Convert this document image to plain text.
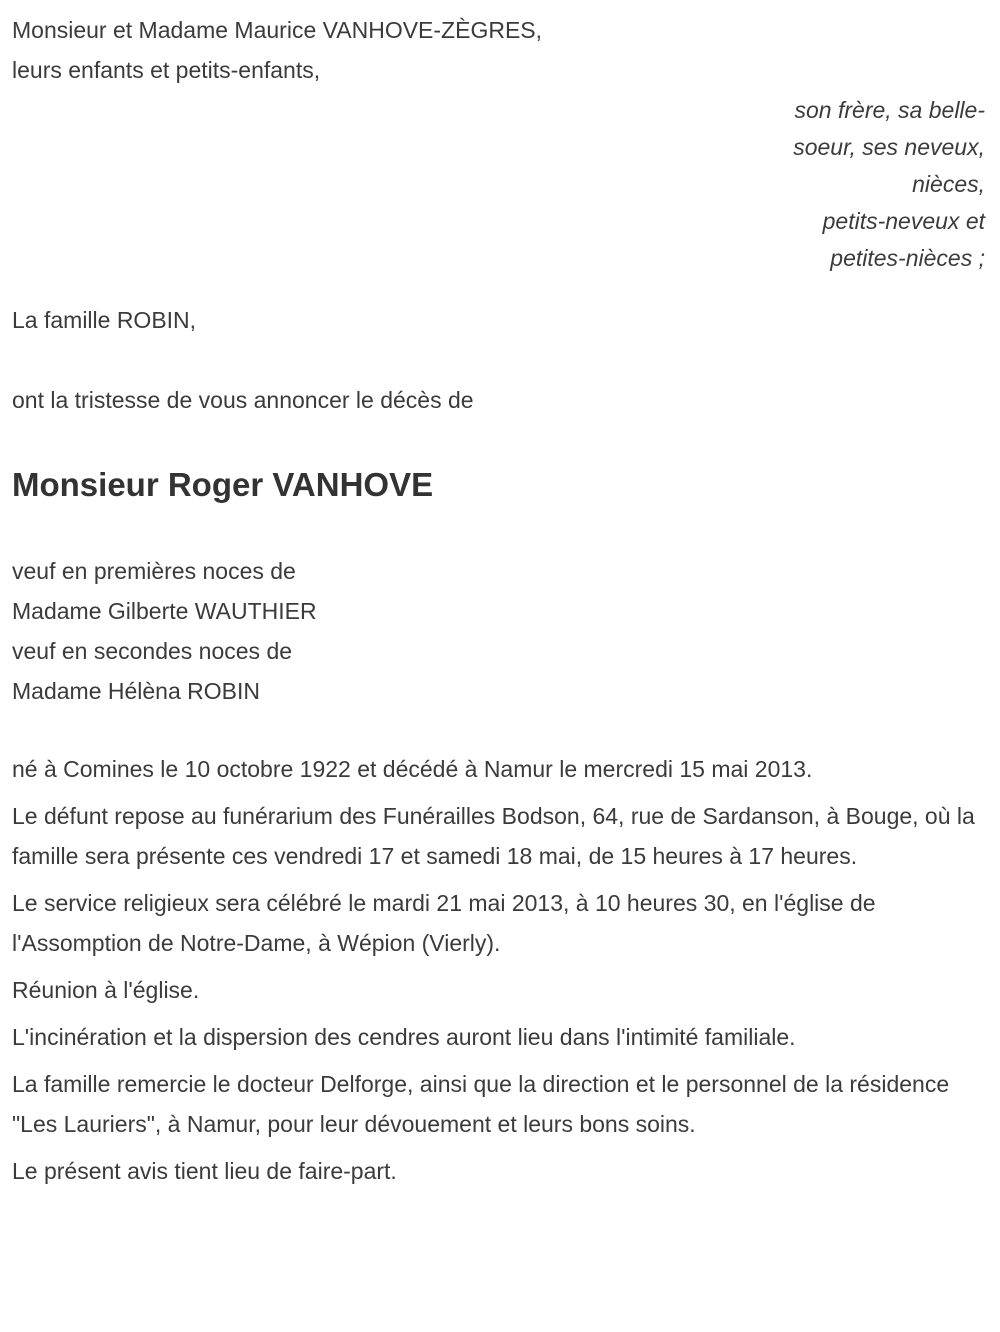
Monsieur et Madame Maurice VANHOVE-ZÈGRES,

leurs enfants et petits-enfants,

son frère, sa belle-
soeur, ses neveux,
nièces,
petits-neveux et
petites-nièces ;

La famille ROBIN,

ont la tristesse de vous annoncer le décès de

Monsieur Roger VANHOVE
veuf en premières noces de
Madame Gilberte WAUTHIER
veuf en secondes noces de
Madame Hélèna ROBIN

né à Comines le 10 octobre 1922 et décédé à Namur le mercredi 15 mai 2013.

Le défunt repose au funérarium des Funérailles Bodson, 64, rue de Sardanson, à Bouge, où la famille sera présente ces vendredi 17 et samedi 18 mai, de 15 heures à 17 heures.

Le service religieux sera célébré le mardi 21 mai 2013, à 10 heures 30, en l'église de l'Assomption de Notre-Dame, à Wépion (Vierly).

Réunion à l'église.

L'incinération et la dispersion des cendres auront lieu dans l'intimité familiale.

La famille remercie le docteur Delforge, ainsi que la direction et le personnel de la résidence "Les Lauriers", à Namur, pour leur dévouement et leurs bons soins.

Le présent avis tient lieu de faire-part.
